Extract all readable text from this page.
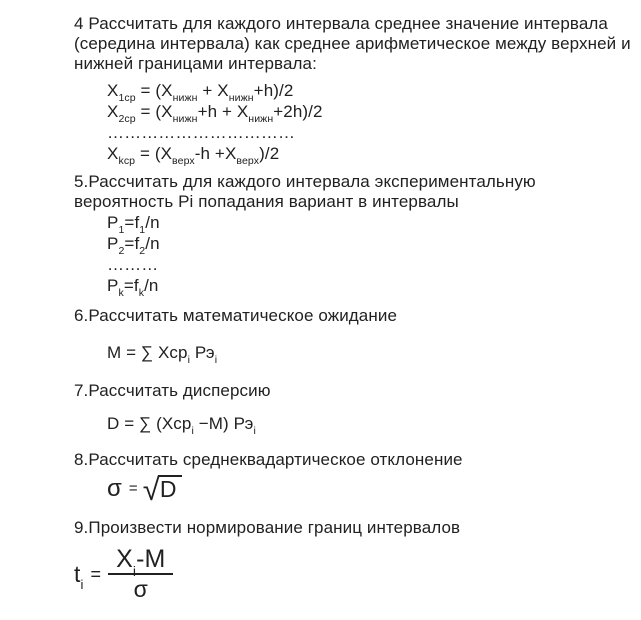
4 Рассчитать для каждого интервала среднее значение интервала
(середина интервала) как среднее арифметическое между верхней и
нижней границами интервала:
$X_{1ср} = (X_{нижн} + X_{нижн}+h)/2$
$X_{2ср} = (X_{нижн}+h + X_{нижн}+2h)/2$
……………………………
$X_{kср} = (X_{верх}-h +X_{верх})/2$
5.Рассчитать для каждого интервала экспериментальную
вероятность Pi попадания вариант в интервалы
$P_1=f_1/n$
$P_2=f_2/n$
………
$P_k=f_k/n$
6.Рассчитать математическое ожидание
M = ∑ Xср$_i$ $Рэ_i$
7.Рассчитать дисперсию
D = ∑ (Xср$_i$ −M) $Рэ_i$
8.Рассчитать среднеквадартическое отклонение
σ = √ D
9.Произвести нормирование границ интервалов
$t_i$
= $\frac{X_i-M}{\sigma}$
